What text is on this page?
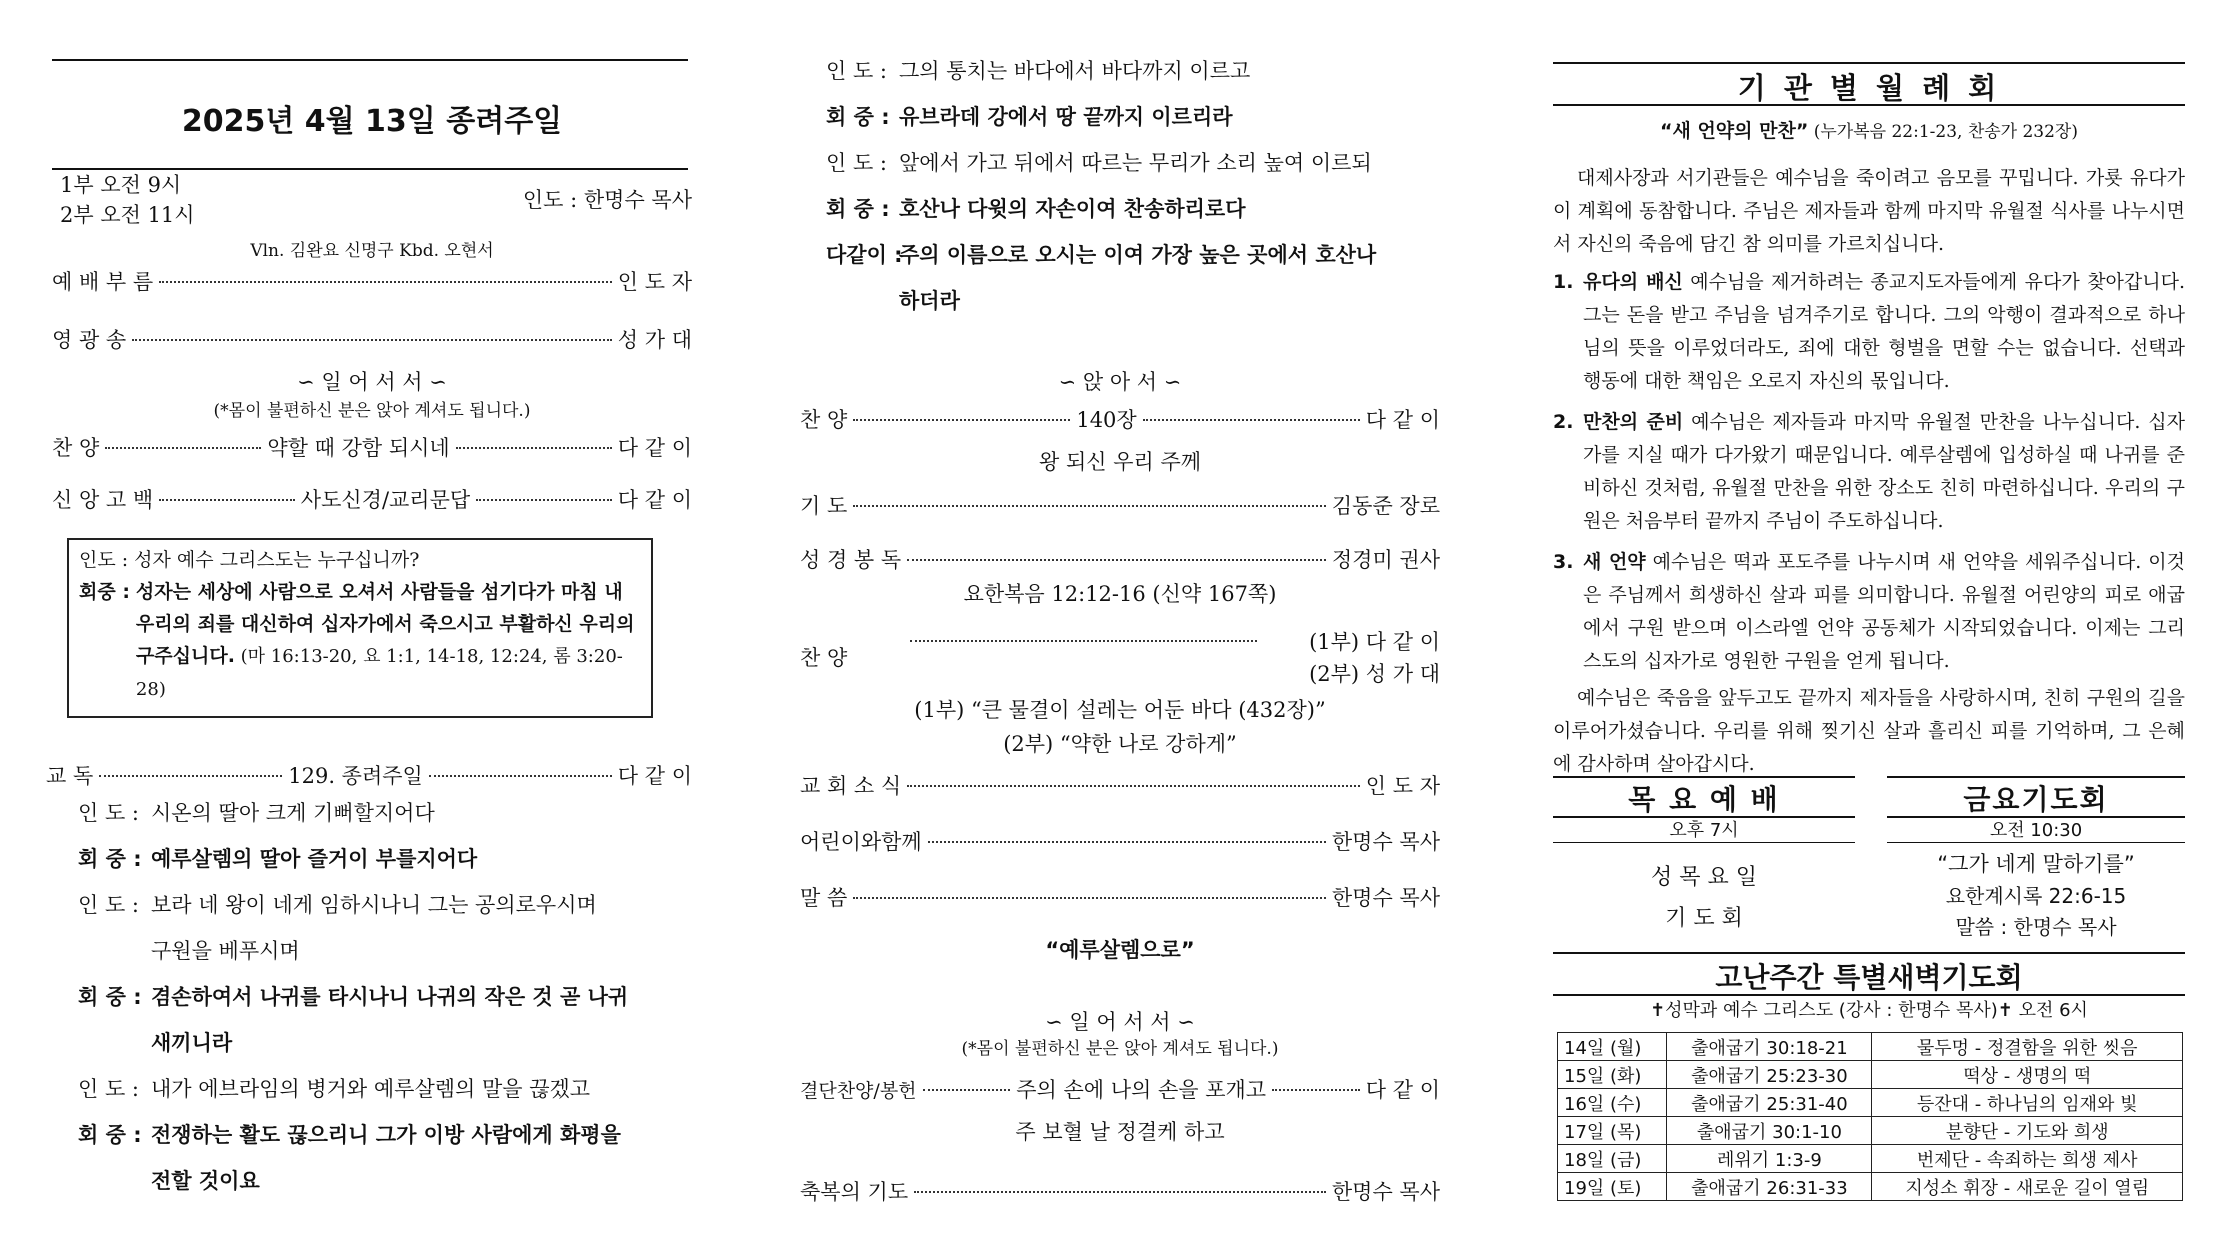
2025년 4월 13일 종려주일
1부 오전 9시
2부 오전 11시
인도 : 한명수 목사
Vln. 김완요 신명구 Kbd. 오현서
예 배 부 름	인 도 자
영 광 송	성 가 대
∽ 일 어 서 서 ∽
(*몸이 불편하신 분은 앉아 계셔도 됩니다.)
찬 양	약할 때 강함 되시네	다 같 이
신 앙 고 백	사도신경/교리문답	다 같 이
인도 : 성자 예수 그리스도는 누구십니까?
회중 : 성자는 세상에 사람으로 오셔서 사람들을 섬기다가 마침 내 우리의 죄를 대신하여 십자가에서 죽으시고 부활하신 우리의 구주십니다. (마 16:13-20, 요 1:1, 14-18, 12:24, 롬 3:20-28)
교 독	129. 종려주일	다 같 이
인 도 : 시온의 딸아 크게 기뻐할지어다
회 중 : 예루살렘의 딸아 즐거이 부를지어다
인 도 : 보라 네 왕이 네게 임하시나니 그는 공의로우시며
구원을 베푸시며
회 중 : 겸손하여서 나귀를 타시나니 나귀의 작은 것 곧 나귀
새끼니라
인 도 : 내가 에브라임의 병거와 예루살렘의 말을 끊겠고
회 중 : 전쟁하는 활도 끊으리니 그가 이방 사람에게 화평을
전할 것이요
인 도 : 그의 통치는 바다에서 바다까지 이르고
회 중 : 유브라데 강에서 땅 끝까지 이르리라
인 도 : 앞에서 가고 뒤에서 따르는 무리가 소리 높여 이르되
회 중 : 호산나 다윗의 자손이여 찬송하리로다
다같이 :
주의 이름으로 오시는 이여 가장 높은 곳에서 호산나
하더라
∽ 앉 아 서 ∽
찬 양	140장	다 같 이
왕 되신 우리 주께
기 도	김동준 장로
성 경 봉 독	정경미 권사
요한복음 12:12-16 (신약 167쪽)
찬 양
(1부) 다 같 이
(2부) 성 가 대
(1부) “큰 물결이 설레는 어둔 바다 (432장)”
(2부) “약한 나로 강하게”
교 회 소 식	인 도 자
어린이와함께	한명수 목사
말 씀	한명수 목사
“예루살렘으로”
∽ 일 어 서 서 ∽
(*몸이 불편하신 분은 앉아 계셔도 됩니다.)
결단찬양/봉헌	주의 손에 나의 손을 포개고	다 같 이
주 보혈 날 정결케 하고
축복의 기도	한명수 목사
기 관 별 월 례 회
“새 언약의 만찬” (누가복음 22:1-23, 찬송가 232장)
대제사장과 서기관들은 예수님을 죽이려고 음모를 꾸밉니다. 가룟 유다가 이 계획에 동참합니다. 주님은 제자들과 함께 마지막 유월절 식사를 나누시면서 자신의 죽음에 담긴 참 의미를 가르치십니다.
1. 유다의 배신 예수님을 제거하려는 종교지도자들에게 유다가 찾아갑니다. 그는 돈을 받고 주님을 넘겨주기로 합니다. 그의 악행이 결과적으로 하나님의 뜻을 이루었더라도, 죄에 대한 형벌을 면할 수는 없습니다. 선택과 행동에 대한 책임은 오로지 자신의 몫입니다.
2. 만찬의 준비 예수님은 제자들과 마지막 유월절 만찬을 나누십니다. 십자가를 지실 때가 다가왔기 때문입니다. 예루살렘에 입성하실 때 나귀를 준비하신 것처럼, 유월절 만찬을 위한 장소도 친히 마련하십니다. 우리의 구원은 처음부터 끝까지 주님이 주도하십니다.
3. 새 언약 예수님은 떡과 포도주를 나누시며 새 언약을 세워주십니다. 이것은 주님께서 희생하신 살과 피를 의미합니다. 유월절 어린양의 피로 애굽에서 구원 받으며 이스라엘 언약 공동체가 시작되었습니다. 이제는 그리스도의 십자가로 영원한 구원을 얻게 됩니다.
예수님은 죽음을 앞두고도 끝까지 제자들을 사랑하시며, 친히 구원의 길을 이루어가셨습니다. 우리를 위해 찢기신 살과 흘리신 피를 기억하며, 그 은혜에 감사하며 살아갑시다.
목 요 예 배
오후 7시
성 목 요 일
기 도 회
금요기도회
오전 10:30
“그가 네게 말하기를”
요한계시록 22:6-15
말씀 : 한명수 목사
고난주간 특별새벽기도회
✝성막과 예수 그리스도 (강사 : 한명수 목사)✝ 오전 6시
14일 (월)	출애굽기 30:18-21	물두멍 - 정결함을 위한 씻음
15일 (화)	출애굽기 25:23-30	떡상 - 생명의 떡
16일 (수)	출애굽기 25:31-40	등잔대 - 하나님의 임재와 빛
17일 (목)	출애굽기 30:1-10	분향단 - 기도와 희생
18일 (금)	레위기 1:3-9	번제단 - 속죄하는 희생 제사
19일 (토)	출애굽기 26:31-33	지성소 휘장 - 새로운 길이 열림
